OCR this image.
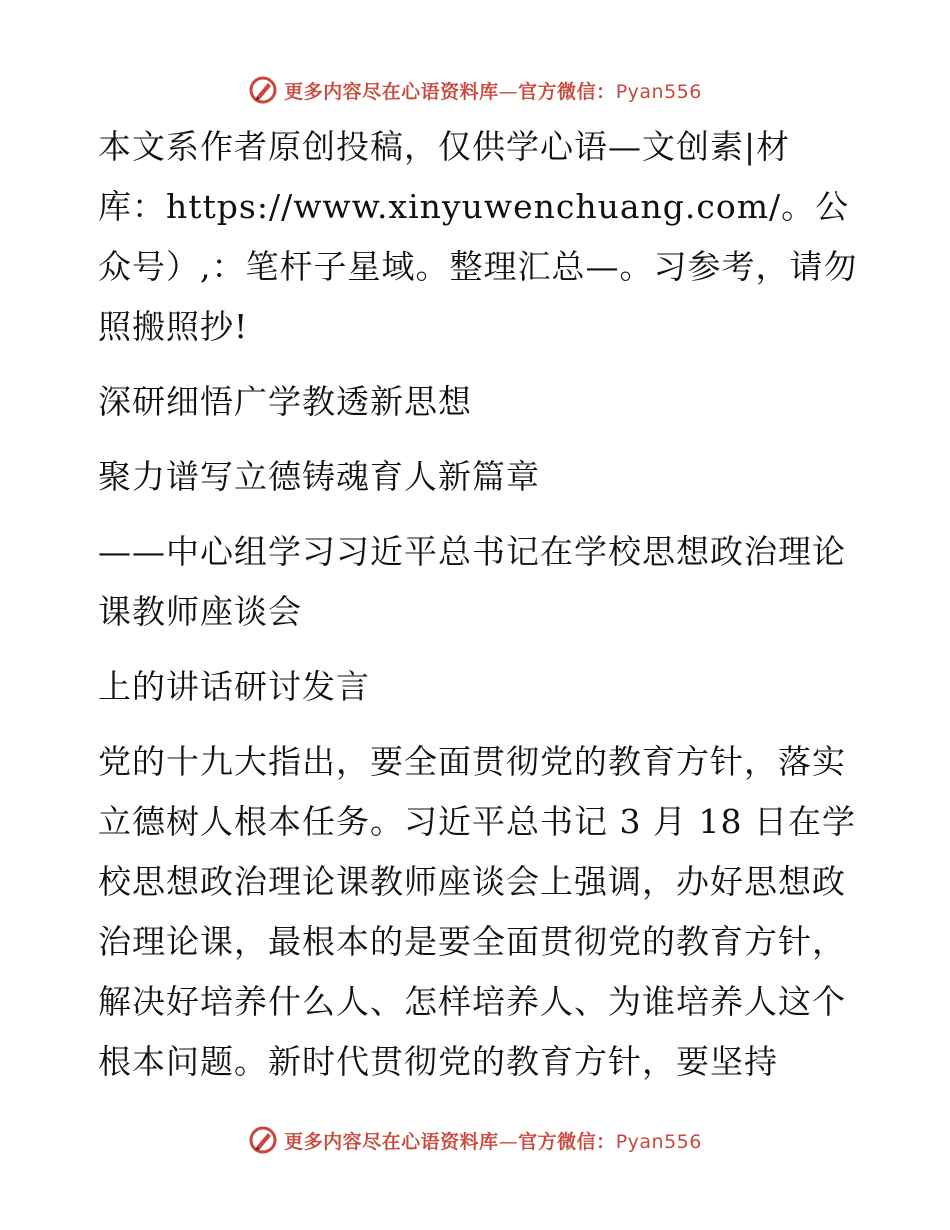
更多内容尽在心语资料库—官方微信：Pyan556

本文系作者原创投稿，仅供学心语—文创素|材库：https://www.xinyuwenchuang.com/。公众号）,：笔杆子星域。整理汇总—。习参考，请勿照搬照抄!

深研细悟广学教透新思想

聚力谱写立德铸魂育人新篇章

——中心组学习习近平总书记在学校思想政治理论课教师座谈会

上的讲话研讨发言

党的十九大指出，要全面贯彻党的教育方针，落实立德树人根本任务。习近平总书记 3 月 18 日在学校思想政治理论课教师座谈会上强调，办好思想政治理论课，最根本的是要全面贯彻党的教育方针，解决好培养什么人、怎样培养人、为谁培养人这个根本问题。新时代贯彻党的教育方针，要坚持

更多内容尽在心语资料库—官方微信：Pyan556
